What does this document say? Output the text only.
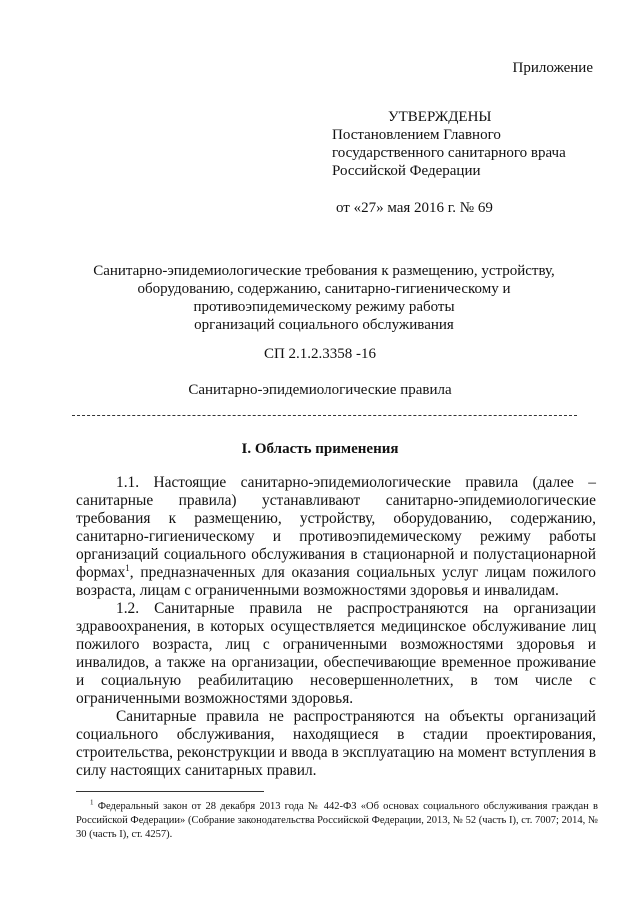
Приложение
УТВЕРЖДЕНЫ
Постановлением Главного
государственного санитарного врача
Российской Федерации
от «27» мая 2016 г. № 69
Санитарно-эпидемиологические требования к размещению, устройству,
оборудованию, содержанию, санитарно-гигиеническому и
противоэпидемическому режиму работы
организаций социального обслуживания
СП 2.1.2.3358 -16
Санитарно-эпидемиологические правила
I. Область применения

1.1. Настоящие санитарно-эпидемиологические правила (далее – санитарные правила) устанавливают санитарно-эпидемиологические требования к размещению, устройству, оборудованию, содержанию, санитарно-гигиеническому и противоэпидемическому режиму работы организаций социального обслуживания в стационарной и полустационарной формах$^1$, предназначенных для оказания социальных услуг лицам пожилого возраста, лицам с ограниченными возможностями здоровья и инвалидам.

1.2. Санитарные правила не распространяются на организации здравоохранения, в которых осуществляется медицинское обслуживание лиц пожилого возраста, лиц с ограниченными возможностями здоровья и инвалидов, а также на организации, обеспечивающие временное проживание и социальную реабилитацию несовершеннолетних, в том числе с ограниченными возможностями здоровья.

Санитарные правила не распространяются на объекты организаций социального обслуживания, находящиеся в стадии проектирования, строительства, реконструкции и ввода в эксплуатацию на момент вступления в силу настоящих санитарных правил.

$^1$ Федеральный закон от 28 декабря 2013 года № 442-ФЗ «Об основах социального обслуживания граждан в Российской Федерации» (Собрание законодательства Российской Федерации, 2013, № 52 (часть I), ст. 7007; 2014, № 30 (часть I), ст. 4257).
